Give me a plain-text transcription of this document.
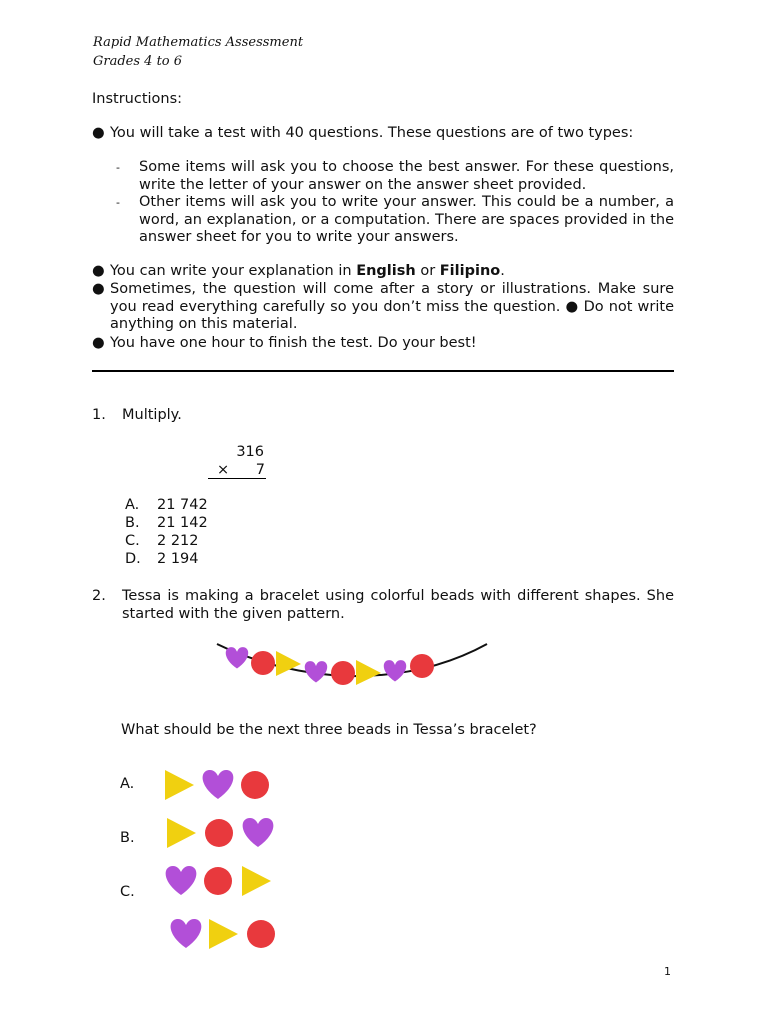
Rapid Mathematics Assessment
Grades 4 to 6
Instructions:
● You will take a test with 40 questions. These questions are of two types:
- Some items will ask you to choose the best answer. For these questions, write the letter of your answer on the answer sheet provided.
- Other items will ask you to write your answer. This could be a number, a word, an explanation, or a computation. There are spaces provided in the answer sheet for you to write your answers.
● You can write your explanation in English or Filipino.
● Sometimes, the question will come after a story or illustrations. Make sure you read everything carefully so you don’t miss the question. ● Do not write anything on this material.
● You have one hour to finish the test. Do your best!
1. Multiply.
316
×	7
A. 21 742
B. 21 142
C. 2 212
D. 2 194
2. Tessa is making a bracelet using colorful beads with different shapes. She started with the given pattern.
What should be the next three beads in Tessa’s bracelet?
A.
B.
C.
1
